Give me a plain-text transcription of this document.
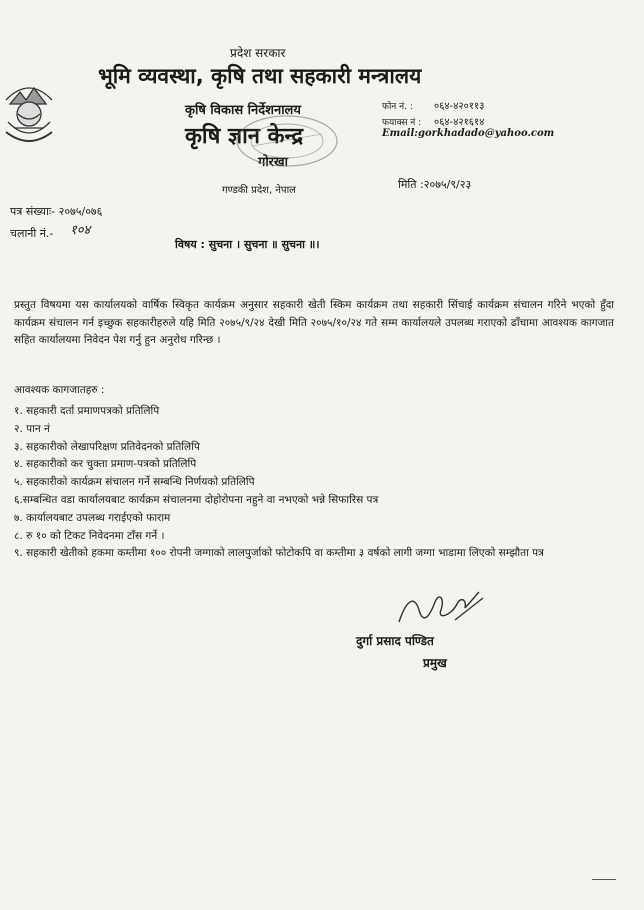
प्रदेश सरकार
भूमि व्यवस्था, कृषि तथा सहकारी मन्त्रालय
कृषि विकास निर्देशनालय
कृषि ज्ञान केन्द्र
गोरखा
गण्डकी प्रदेश, नेपाल
फोन नं. : ०६४-४२०११३
फयाक्स नं : ०६४-४२१६१४
Email:gorkhadado@yahoo.com
मिति :२०७५/९/२३
पत्र संख्याः- २०७५/०७६
चलानी नं.- १०४
विषय : सुचना । सुचना ॥ सुचना ॥।
प्रस्तुत विषयमा यस कार्यालयको वार्षिक स्विकृत कार्यक्रम अनुसार सहकारी खेती स्किम कार्यक्रम तथा सहकारी सिंचाई कार्यक्रम संचालन गरिने भएको हुँदा कार्यक्रम संचालन गर्न इच्छुक सहकारीहरुले यहि मिति २०७५/९/२४ देखी मिति २०७५/१०/२४ गते सम्म कार्यालयले उपलब्ध गराएको ढाँचामा आवश्यक कागजात सहित कार्यालयमा निवेदन पेश गर्नु हुन अनुरोध गरिन्छ ।
आवश्यक कागजातहरु :
१. सहकारी दर्ता प्रमाणपत्रको प्रतिलिपि
२. पान नं
३. सहकारीको लेखापरिक्षण प्रतिवेदनको प्रतिलिपि
४. सहकारीको कर चुक्ता प्रमाण-पत्रको प्रतिलिपि
५. सहकारीको कार्यक्रम संचालन गर्ने सम्बन्धि निर्णयको प्रतिलिपि
६.सम्बन्धित वडा कार्यालयबाट कार्यक्रम संचालनमा दोहोरोपना नहुने वा नभएको भन्ने सिफारिस पत्र
७. कार्यालयबाट उपलब्ध गराईएको फाराम
८. रु १० को टिकट निवेदनमा टाँस गर्ने ।
९. सहकारी खेतीको हकमा कम्तीमा १०० रोपनी जग्गाको लालपुर्जाको फोटोकपि वा कम्तीमा ३ वर्षको लागी जग्गा भाडामा लिएको सम्झौता पत्र
दुर्गा प्रसाद पण्डित
प्रमुख
